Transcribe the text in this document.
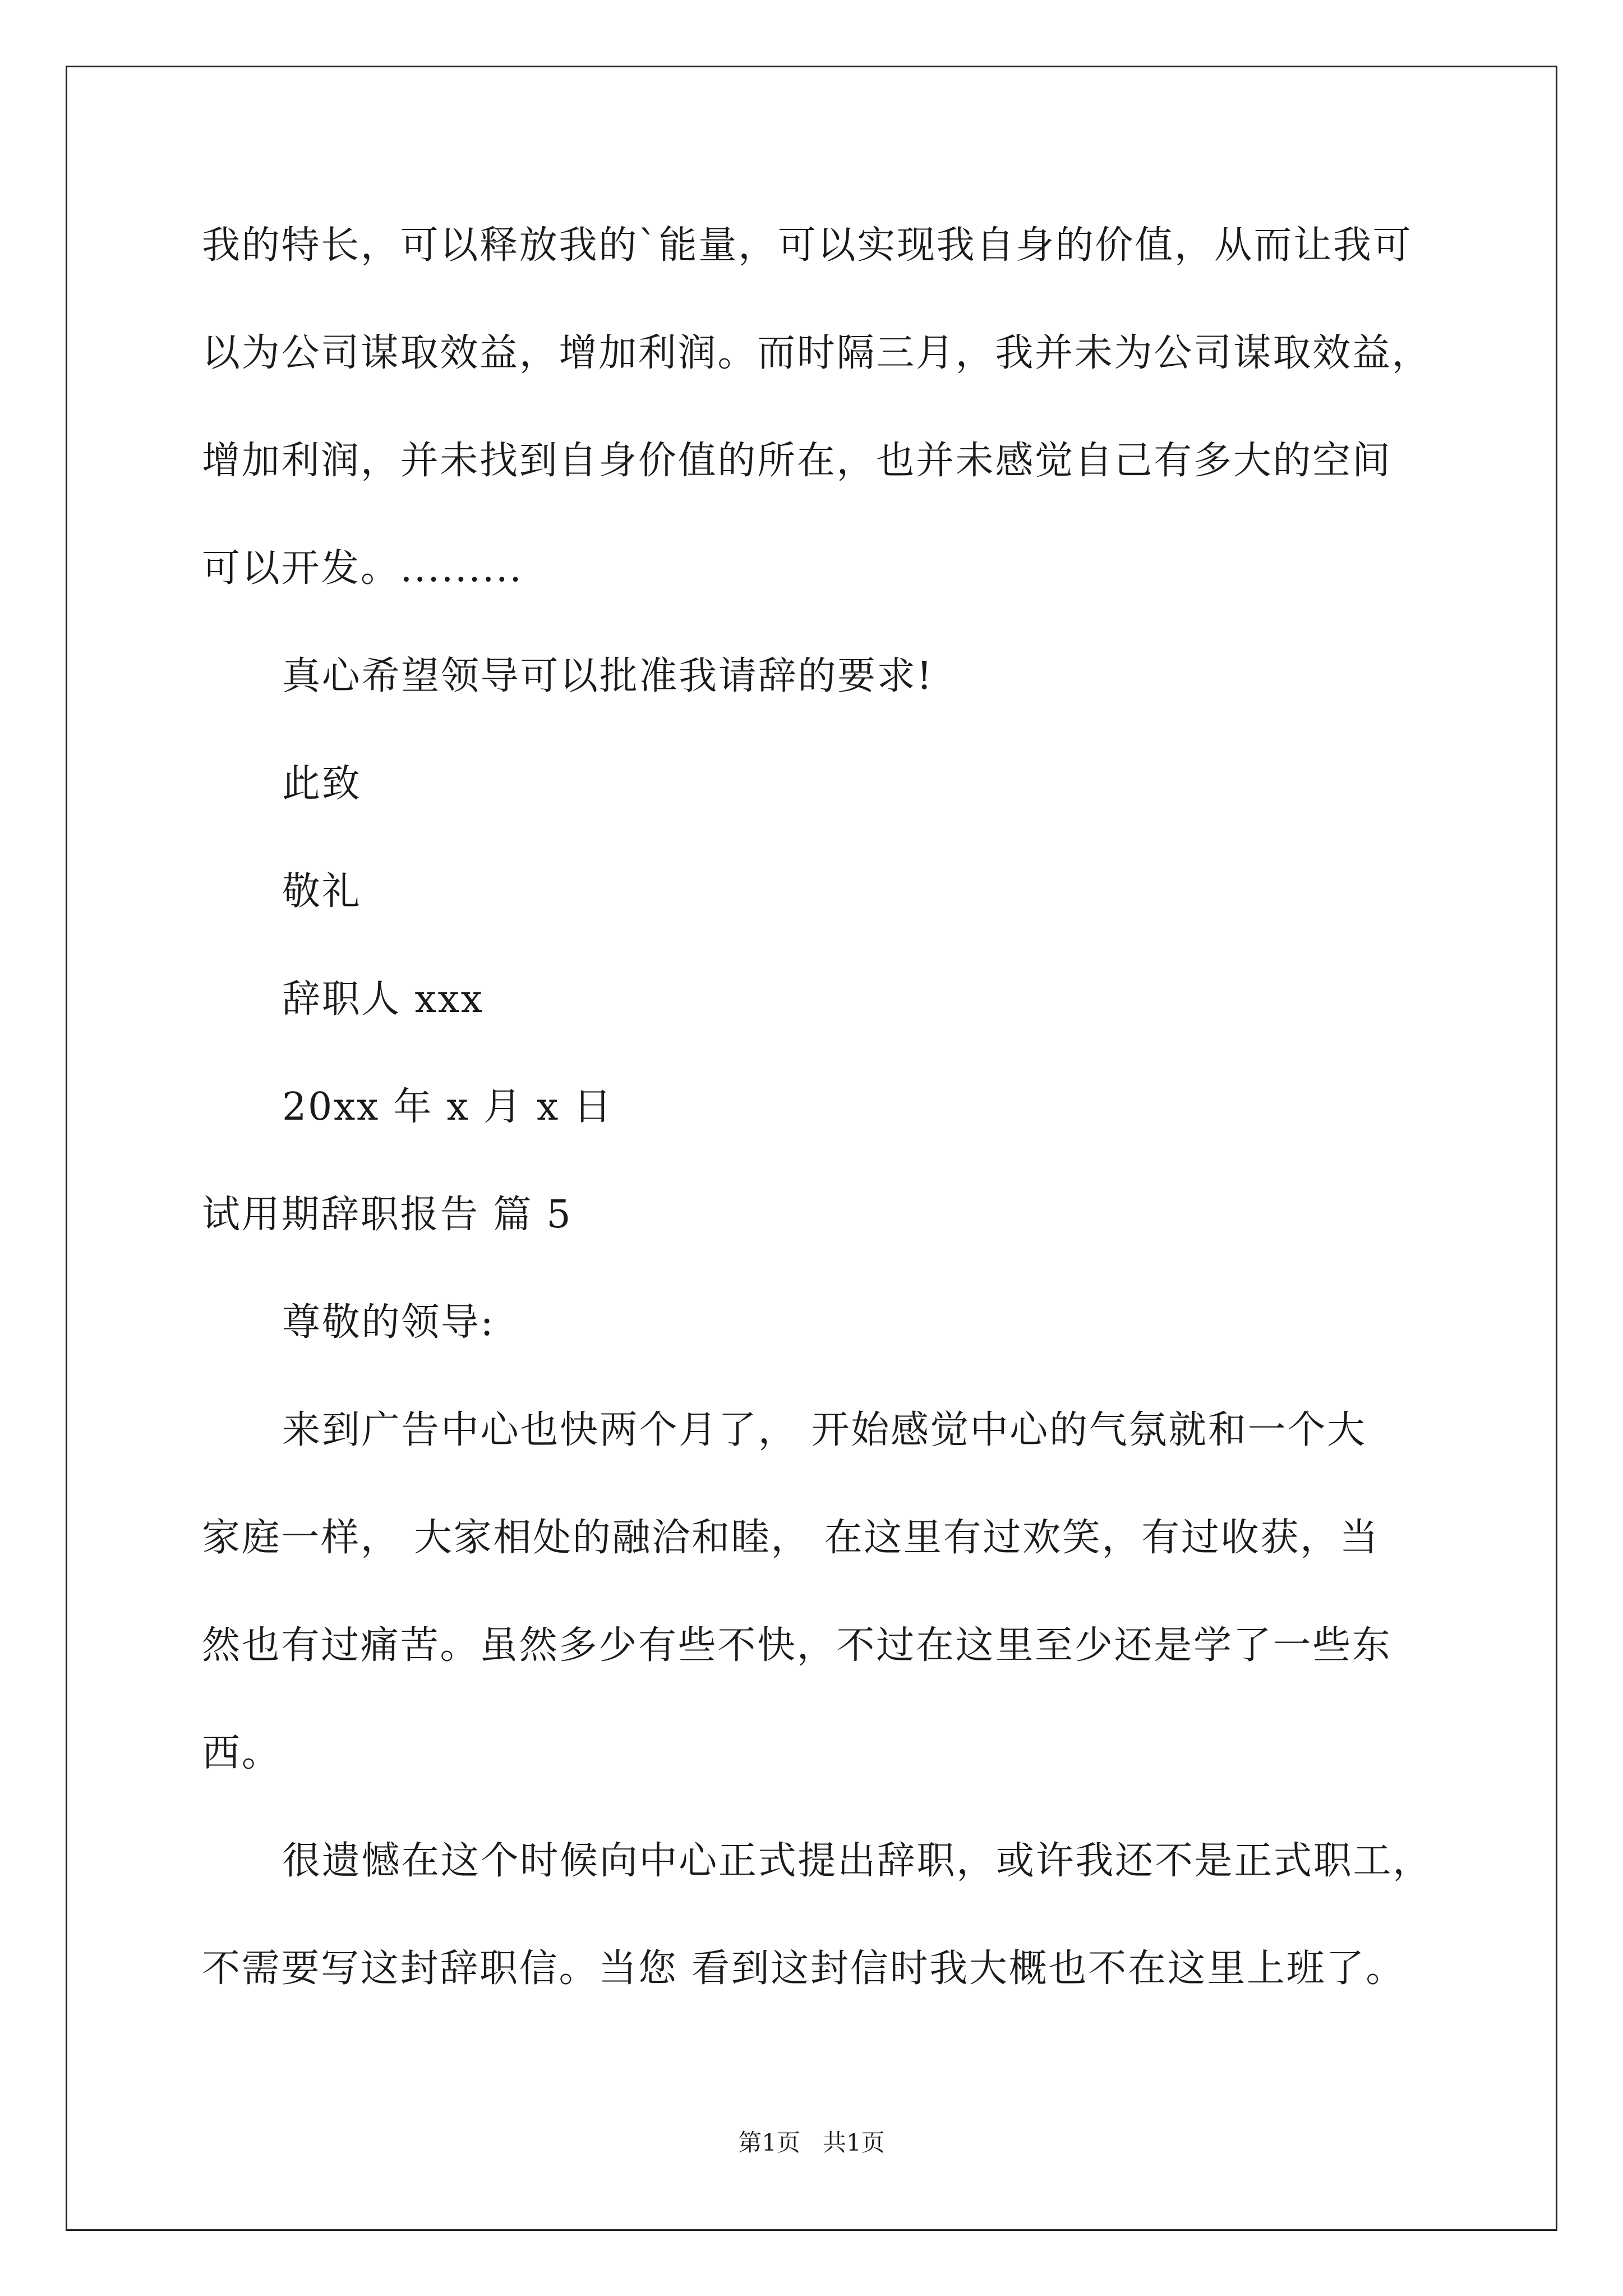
我的特长，可以释放我的`能量，可以实现我自身的价值，从而让我可
以为公司谋取效益，增加利润。而时隔三月，我并未为公司谋取效益，
增加利润，并未找到自身价值的所在，也并未感觉自己有多大的空间
可以开发。.........
真心希望领导可以批准我请辞的要求!
此致
敬礼
辞职人 xxx
20xx 年 x 月 x 日
试用期辞职报告 篇 5
尊敬的领导:
来到广告中心也快两个月了， 开始感觉中心的气氛就和一个大
家庭一样， 大家相处的融洽和睦， 在这里有过欢笑，有过收获，当
然也有过痛苦。虽然多少有些不快，不过在这里至少还是学了一些东
西。
很遗憾在这个时候向中心正式提出辞职，或许我还不是正式职工，
不需要写这封辞职信。当您 看到这封信时我大概也不在这里上班了。
第1页   共1页
